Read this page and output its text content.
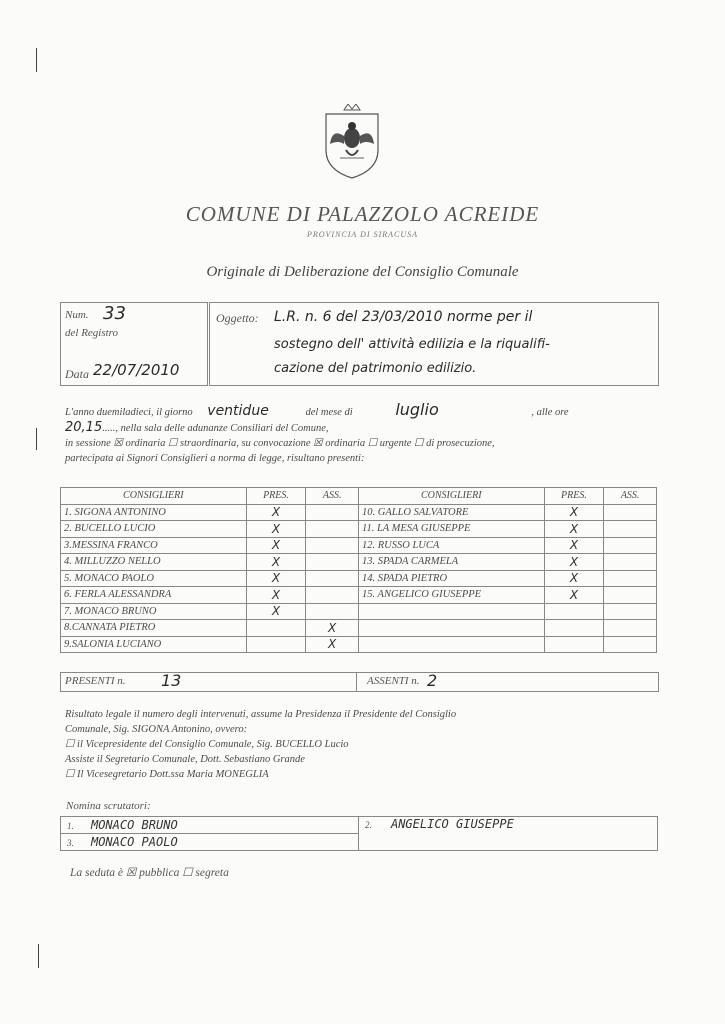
COMUNE DI PALAZZOLO ACREIDE
PROVINCIA DI SIRACUSA
Originale di Deliberazione del Consiglio Comunale
Num. 33
del Registro
Data 22/07/2010
Oggetto: L.R. n. 6 del 23/03/2010 norme per il
sostegno dell' attività edilizia e la riqualifi-
cazione del patrimonio edilizio.
L'anno duemiladieci, il giorno ventidue	del mese di	luglio	, alle ore
20,15....., nella sala delle adunanze Consiliari del Comune,
in sessione ☒ ordinaria ☐ straordinaria, su convocazione ☒ ordinaria ☐ urgente ☐ di prosecuzione,
partecipata ai Signori Consiglieri a norma di legge, risultano presenti:
CONSIGLIERI	PRES.	ASS.	CONSIGLIERI	PRES.	ASS.
1. SIGONA ANTONINO	X		10. GALLO SALVATORE	X	
2. BUCELLO LUCIO	X		11. LA MESA GIUSEPPE	X	
3.MESSINA FRANCO	X		12. RUSSO LUCA	X	
4. MILLUZZO NELLO	X		13. SPADA CARMELA	X	
5. MONACO PAOLO	X		14. SPADA PIETRO	X	
6. FERLA ALESSANDRA	X		15. ANGELICO GIUSEPPE	X	
7. MONACO BRUNO	X				
8.CANNATA PIETRO		X			
9.SALONIA LUCIANO		X			
PRESENTI n. 13	ASSENTI n. 2
Risultato legale il numero degli intervenuti, assume la Presidenza il Presidente del Consiglio
Comunale, Sig. SIGONA Antonino, ovvero:
☐ il Vicepresidente del Consiglio Comunale, Sig. BUCELLO Lucio
Assiste il Segretario Comunale, Dott. Sebastiano Grande
☐ Il Vicesegretario Dott.ssa Maria MONEGLIA
Nomina scrutatori:
1. MONACO BRUNO	2. ANGELICO GIUSEPPE
3. MONACO PAOLO
La seduta è ☒ pubblica ☐ segreta
